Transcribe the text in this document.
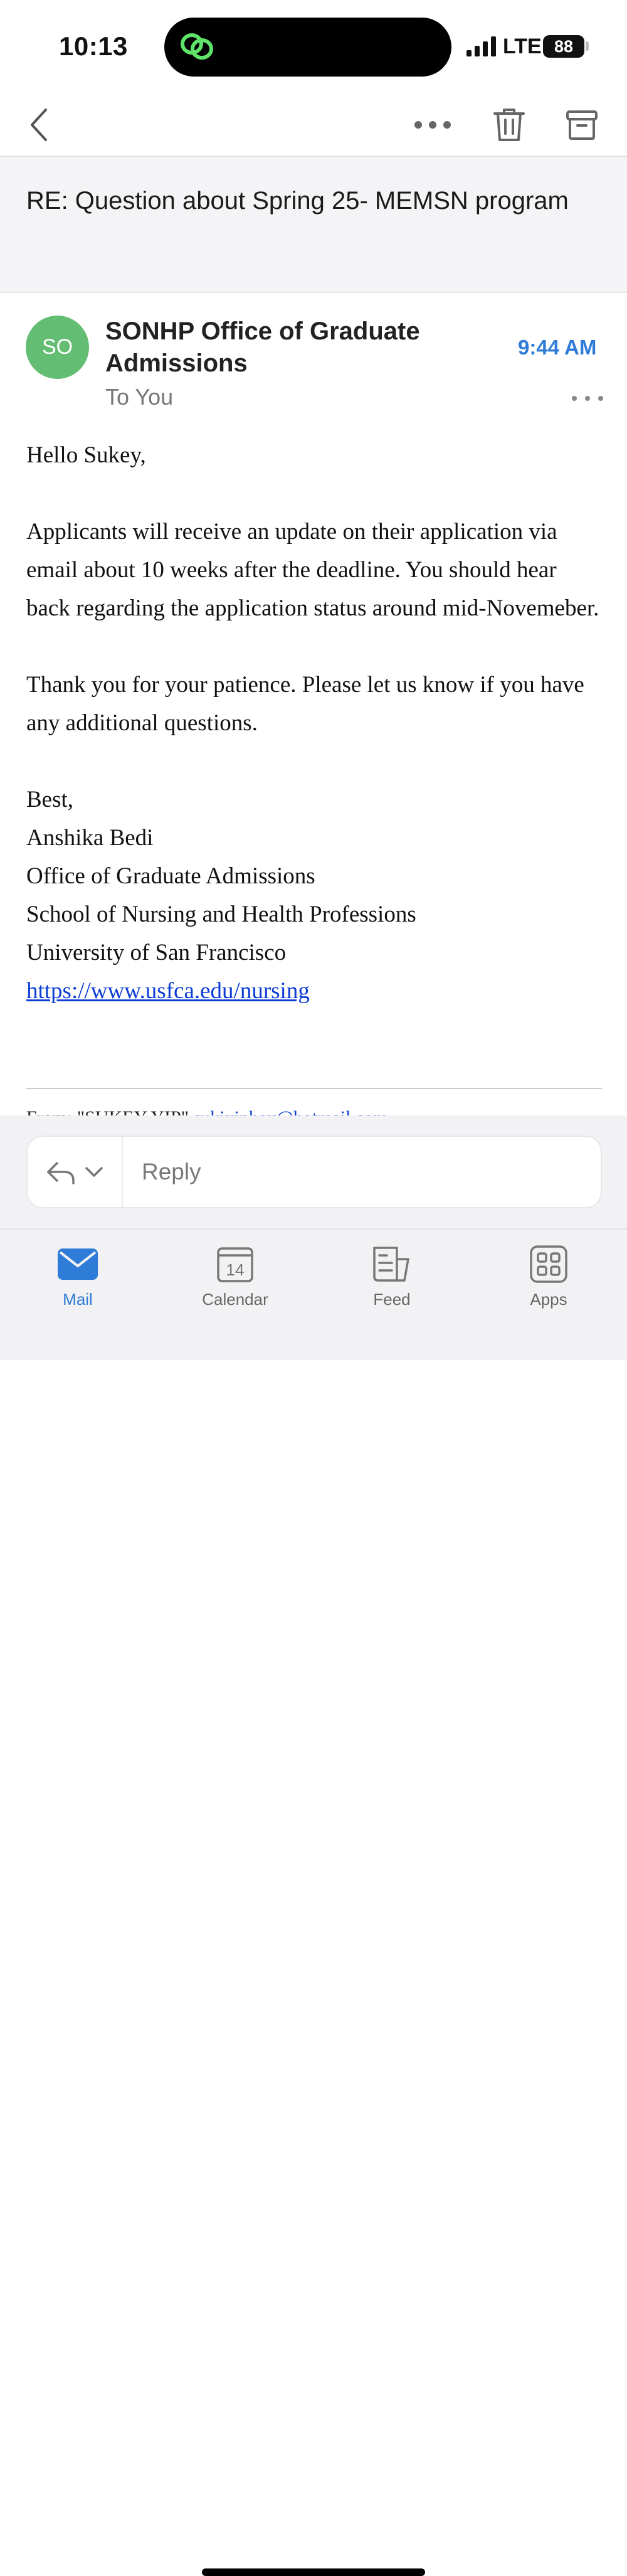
10:13	LTE 88
RE: Question about Spring 25- MEMSN program
SO
SONHP Office of Graduate Admissions
To You
9:44 AM

Hello Sukey,

Applicants will receive an update on their application via email about 10 weeks after the deadline. You should hear back regarding the application status around mid-Novemeber.

Thank you for your patience. Please let us know if you have any additional questions.

Best,

Anshika Bedi

Office of Graduate Admissions

School of Nursing and Health Professions

University of San Francisco

https://www.usfca.edu/nursing

Reply
Mail
14
Calendar	Feed	Apps
